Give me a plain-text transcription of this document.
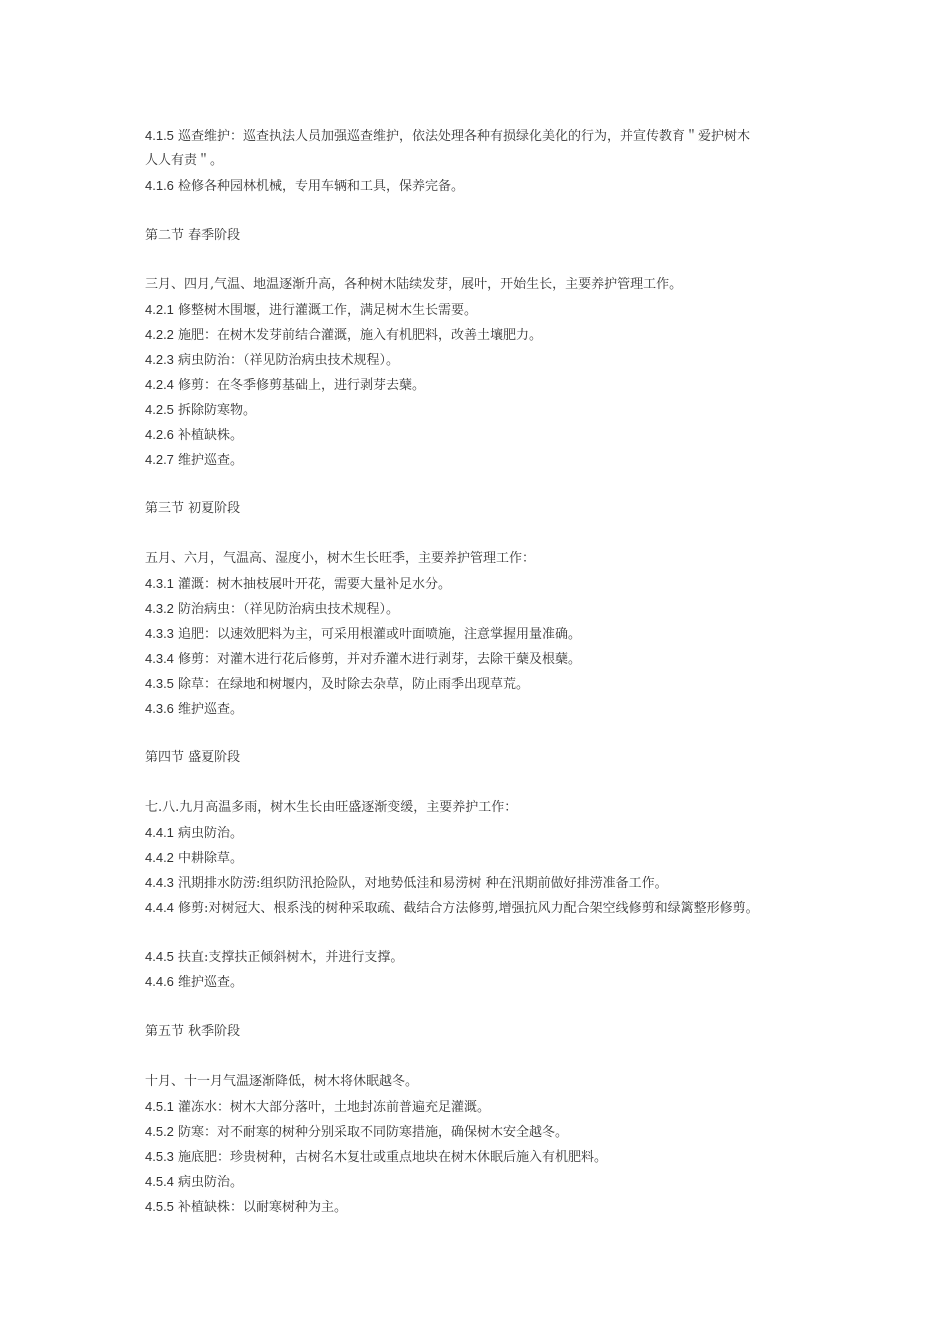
4.1.5 巡查维护：巡查执法人员加强巡查维护，依法处理各种有损绿化美化的行为，并宣传教育＂爱护树木
人人有责＂。
4.1.6 检修各种园林机械，专用车辆和工具，保养完备。
第二节 春季阶段
三月、四月,气温、地温逐渐升高，各种树木陆续发芽，展叶，开始生长，主要养护管理工作。
4.2.1 修整树木围堰，进行灌溉工作，满足树木生长需要。
4.2.2 施肥：在树木发芽前结合灌溉，施入有机肥料，改善土壤肥力。
4.2.3 病虫防治：（祥见防治病虫技术规程）。
4.2.4 修剪：在冬季修剪基础上，进行剥芽去蘖。
4.2.5 拆除防寒物。
4.2.6 补植缺株。
4.2.7 维护巡查。
第三节 初夏阶段
五月、六月，气温高、湿度小，树木生长旺季，主要养护管理工作：
4.3.1 灌溉：树木抽枝展叶开花，需要大量补足水分。
4.3.2 防治病虫：（祥见防治病虫技术规程）。
4.3.3 追肥：以速效肥料为主，可采用根灌或叶面喷施，注意掌握用量准确。
4.3.4 修剪：对灌木进行花后修剪，并对乔灌木进行剥芽，去除干蘖及根蘖。
4.3.5 除草：在绿地和树堰内，及时除去杂草，防止雨季出现草荒。
4.3.6 维护巡查。
第四节 盛夏阶段
七.八.九月高温多雨，树木生长由旺盛逐渐变缓，主要养护工作：
4.4.1 病虫防治。
4.4.2 中耕除草。
4.4.3 汛期排水防涝:组织防汛抢险队，对地势低洼和易涝树 种在汛期前做好排涝准备工作。
4.4.4 修剪:对树冠大、根系浅的树种采取疏、截结合方法修剪,增强抗风力配合架空线修剪和绿篱整形修剪。
4.4.5 扶直:支撑扶正倾斜树木，并进行支撑。
4.4.6 维护巡查。
第五节 秋季阶段
十月、十一月气温逐渐降低，树木将休眠越冬。
4.5.1 灌冻水：树木大部分落叶，土地封冻前普遍充足灌溉。
4.5.2 防寒：对不耐寒的树种分别采取不同防寒措施，确保树木安全越冬。
4.5.3 施底肥：珍贵树种，古树名木复壮或重点地块在树木休眠后施入有机肥料。
4.5.4 病虫防治。
4.5.5 补植缺株：以耐寒树种为主。
